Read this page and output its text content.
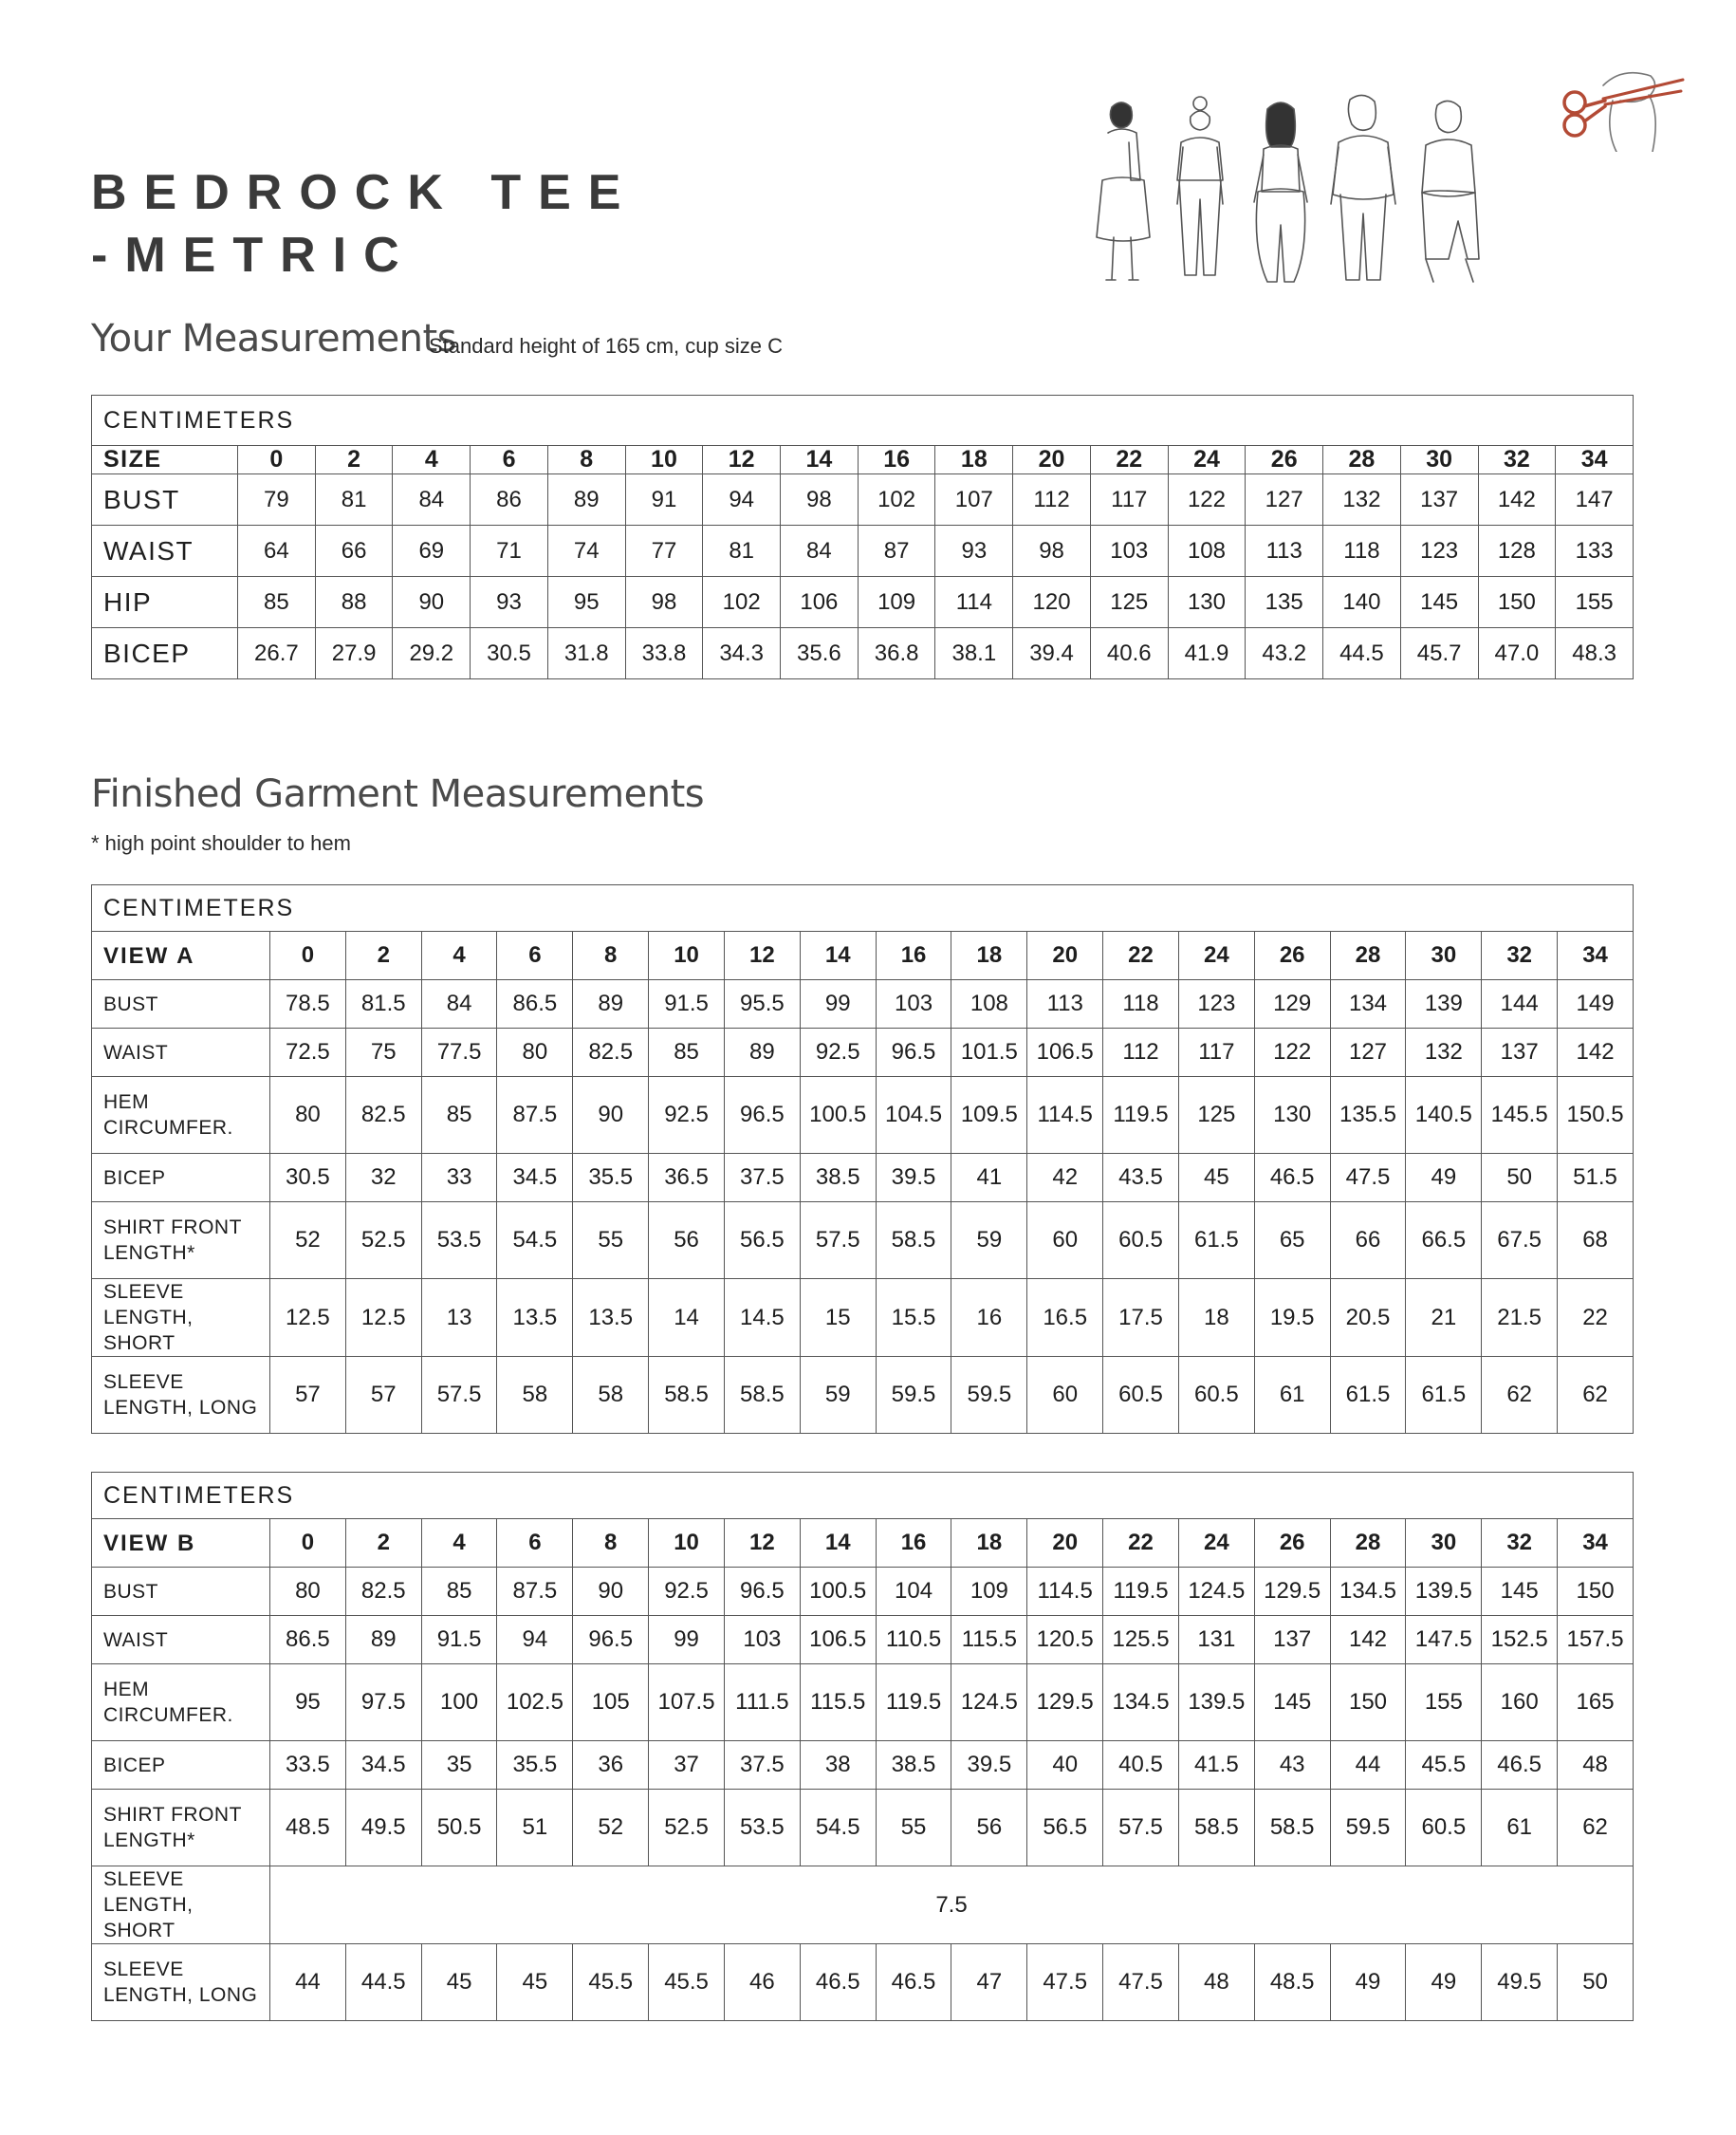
BEDROCK TEE
-METRIC
Your Measurements
Standard height of 165 cm, cup size C
CENTIMETERS																		
SIZE	0	2	4	6	8	10	12	14	16	18	20	22	24	26	28	30	32	34
BUST	79	81	84	86	89	91	94	98	102	107	112	117	122	127	132	137	142	147
WAIST	64	66	69	71	74	77	81	84	87	93	98	103	108	113	118	123	128	133
HIP	85	88	90	93	95	98	102	106	109	114	120	125	130	135	140	145	150	155
BICEP	26.7	27.9	29.2	30.5	31.8	33.8	34.3	35.6	36.8	38.1	39.4	40.6	41.9	43.2	44.5	45.7	47.0	48.3
Finished Garment Measurements
* high point shoulder to hem
CENTIMETERS																		
VIEW A	0	2	4	6	8	10	12	14	16	18	20	22	24	26	28	30	32	34
BUST	78.5	81.5	84	86.5	89	91.5	95.5	99	103	108	113	118	123	129	134	139	144	149
WAIST	72.5	75	77.5	80	82.5	85	89	92.5	96.5	101.5	106.5	112	117	122	127	132	137	142
HEM
CIRCUMFER.	80	82.5	85	87.5	90	92.5	96.5	100.5	104.5	109.5	114.5	119.5	125	130	135.5	140.5	145.5	150.5
BICEP	30.5	32	33	34.5	35.5	36.5	37.5	38.5	39.5	41	42	43.5	45	46.5	47.5	49	50	51.5
SHIRT FRONT
LENGTH*	52	52.5	53.5	54.5	55	56	56.5	57.5	58.5	59	60	60.5	61.5	65	66	66.5	67.5	68
SLEEVE
LENGTH, SHORT	12.5	12.5	13	13.5	13.5	14	14.5	15	15.5	16	16.5	17.5	18	19.5	20.5	21	21.5	22
SLEEVE
LENGTH, LONG	57	57	57.5	58	58	58.5	58.5	59	59.5	59.5	60	60.5	60.5	61	61.5	61.5	62	62
CENTIMETERS																		
VIEW B	0	2	4	6	8	10	12	14	16	18	20	22	24	26	28	30	32	34
BUST	80	82.5	85	87.5	90	92.5	96.5	100.5	104	109	114.5	119.5	124.5	129.5	134.5	139.5	145	150
WAIST	86.5	89	91.5	94	96.5	99	103	106.5	110.5	115.5	120.5	125.5	131	137	142	147.5	152.5	157.5
HEM
CIRCUMFER.	95	97.5	100	102.5	105	107.5	111.5	115.5	119.5	124.5	129.5	134.5	139.5	145	150	155	160	165
BICEP	33.5	34.5	35	35.5	36	37	37.5	38	38.5	39.5	40	40.5	41.5	43	44	45.5	46.5	48
SHIRT FRONT
LENGTH*	48.5	49.5	50.5	51	52	52.5	53.5	54.5	55	56	56.5	57.5	58.5	58.5	59.5	60.5	61	62
SLEEVE
LENGTH, SHORT	7.5																	
SLEEVE
LENGTH, LONG	44	44.5	45	45	45.5	45.5	46	46.5	46.5	47	47.5	47.5	48	48.5	49	49	49.5	50
